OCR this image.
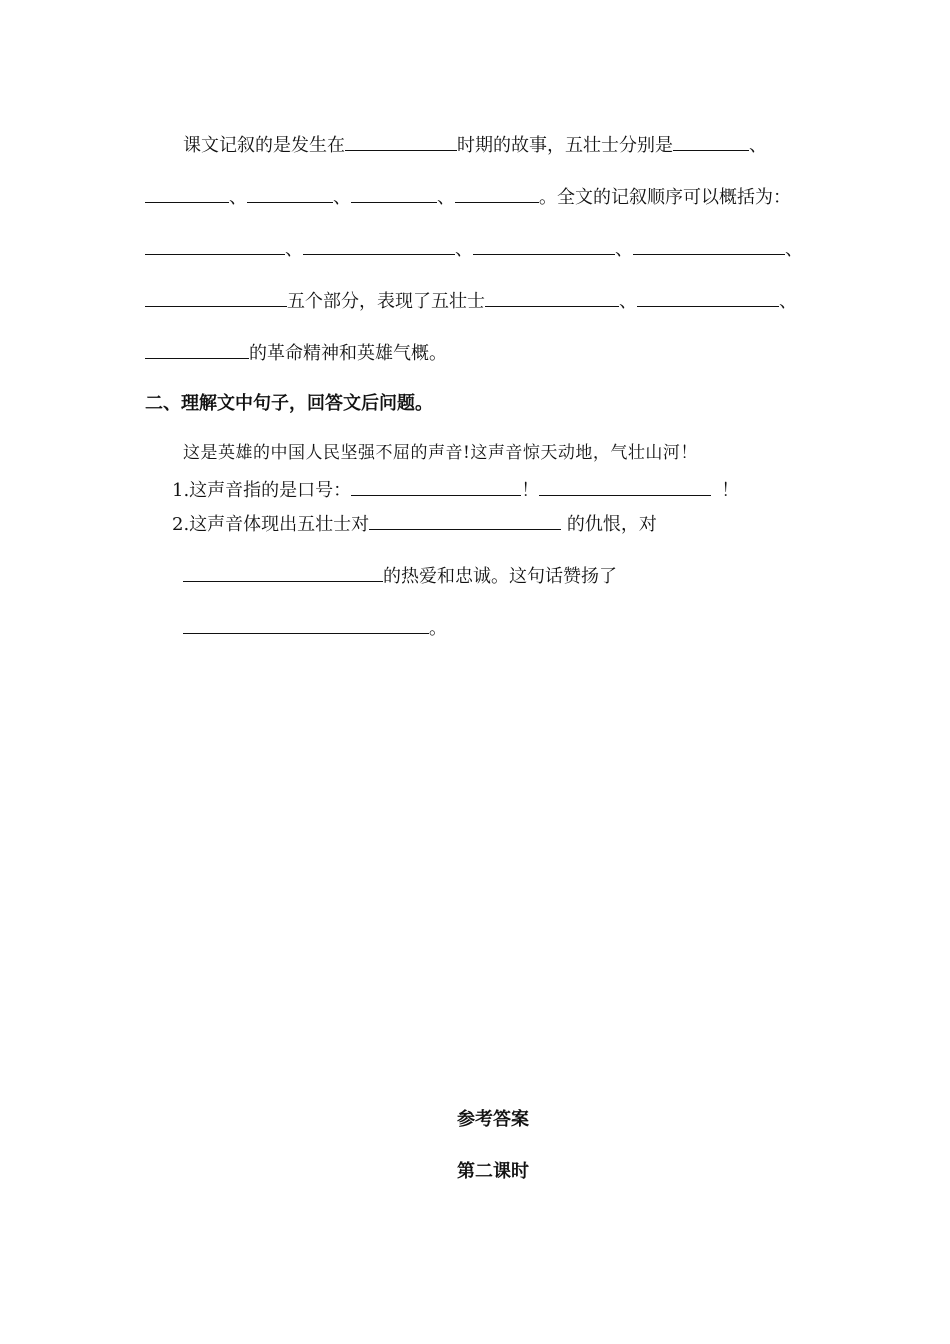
课文记叙的是发生在	时期的故事，五壮士分别是	、
、	、	、	。全文的记叙顺序可以概括为：
、	、	、	、
五个部分，表现了五壮士	、	、
的革命精神和英雄气概。
二、理解文中句子，回答文后问题。
这是英雄的中国人民坚强不屈的声音!这声音惊天动地，气壮山河！
1.这声音指的是口号：	！	！
2.这声音体现出五壮士对	的仇恨，对
的热爱和忠诚。这句话赞扬了
。
参考答案
第二课时
